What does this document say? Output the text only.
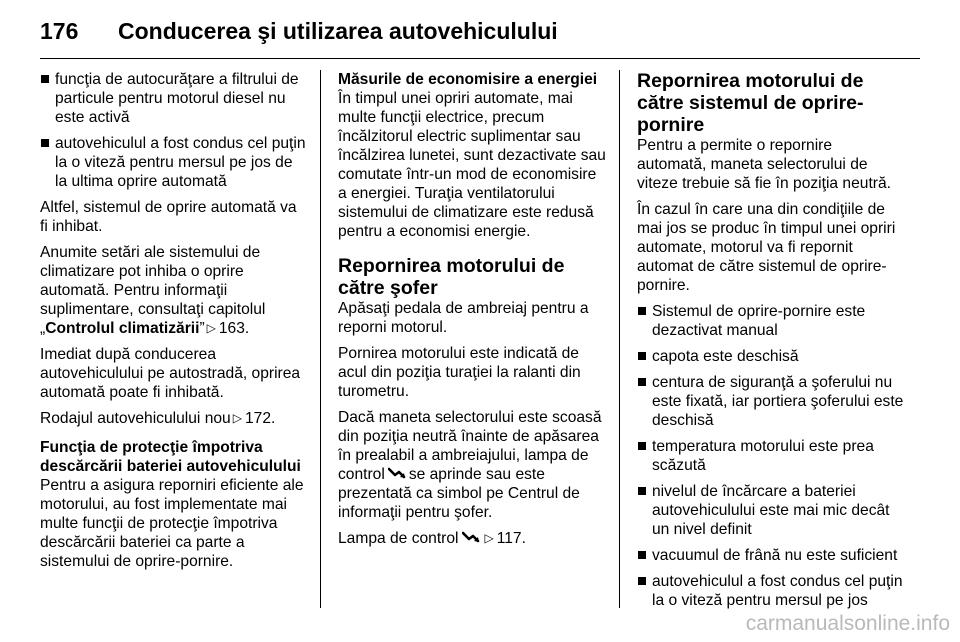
176 Conducerea şi utilizarea autovehiculului
funcţia de autocurăţare a filtrului de particule pentru motorul diesel nu este activă
autovehiculul a fost condus cel puţin la o viteză pentru mersul pe jos de la ultima oprire automată

Altfel, sistemul de oprire automată va fi inhibat.

Anumite setări ale sistemului de climatizare pot inhiba o oprire automată. Pentru informaţii suplimentare, consultaţi capitolul „Controlul climatizării” ▷ 163.

Imediat după conducerea autovehiculului pe autostradă, oprirea automată poate fi inhibată.

Rodajul autovehiculului nou ▷ 172.

Funcţia de protecţie împotriva descărcării bateriei autovehiculului

Pentru a asigura reporniri eficiente ale motorului, au fost implementate mai multe funcţii de protecţie împotriva descărcării bateriei ca parte a sistemului de oprire-pornire.

Măsurile de economisire a energiei

În timpul unei opriri automate, mai multe funcţii electrice, precum încălzitorul electric suplimentar sau încălzirea lunetei, sunt dezactivate sau comutate într-un mod de economisire a energiei. Turaţia ventilatorului sistemului de climatizare este redusă pentru a economisi energie.

Repornirea motorului de către şofer

Apăsaţi pedala de ambreiaj pentru a reporni motorul.

Pornirea motorului este indicată de acul din poziţia turaţiei la ralanti din turometru.

Dacă maneta selectorului este scoasă din poziţia neutră înainte de apăsarea în prealabil a ambreiajului, lampa de control se aprinde sau este prezentată ca simbol pe Centrul de informaţii pentru şofer.

Lampa de control ▷ 117.

Repornirea motorului de către sistemul de oprire-pornire

Pentru a permite o repornire automată, maneta selectorului de viteze trebuie să fie în poziţia neutră.

În cazul în care una din condiţiile de mai jos se produc în timpul unei opriri automate, motorul va fi repornit automat de către sistemul de oprire-pornire.

Sistemul de oprire-pornire este dezactivat manual
capota este deschisă
centura de siguranţă a şoferului nu este fixată, iar portiera şoferului este deschisă
temperatura motorului este prea scăzută
nivelul de încărcare a bateriei autovehiculului este mai mic decât un nivel definit
vacuumul de frână nu este suficient
autovehiculul a fost condus cel puţin la o viteză pentru mersul pe jos
carmanualsonline.info
